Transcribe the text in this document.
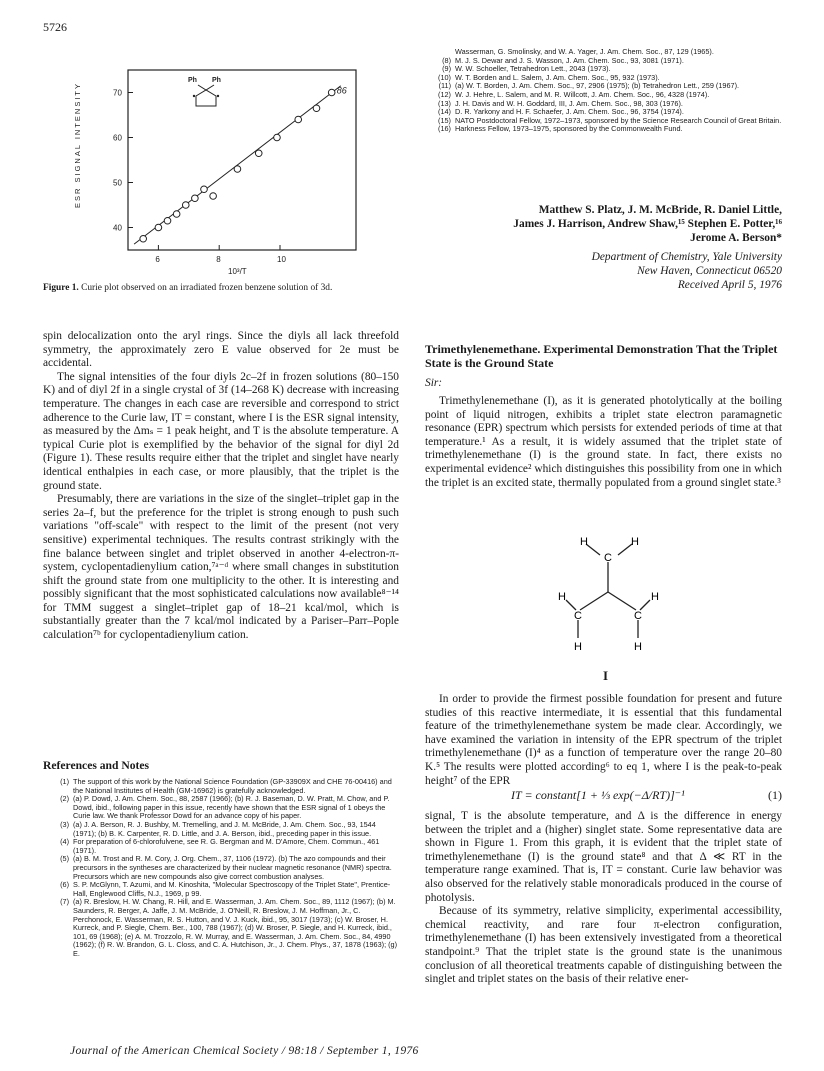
5726
40
50
60
70
6	8	10
ESR SIGNAL INTENSITY
10³/T
86
Ph Ph
Figure 1. Curie plot observed on an irradiated frozen benzene solution of 3d.

spin delocalization onto the aryl rings. Since the diyls all lack threefold symmetry, the approximately zero E value observed for 2e must be accidental.

The signal intensities of the four diyls 2c–2f in frozen solutions (80–150 K) and of diyl 2f in a single crystal of 3f (14–268 K) decrease with increasing temperature. The changes in each case are reversible and correspond to strict adherence to the Curie law, IT = constant, where I is the ESR signal intensity, as measured by the Δmₛ = 1 peak height, and T is the absolute temperature. A typical Curie plot is exemplified by the behavior of the signal for diyl 2d (Figure 1). These results require either that the triplet and singlet have nearly identical enthalpies in each case, or more plausibly, that the triplet is the ground state.

Presumably, there are variations in the size of the singlet–triplet gap in the series 2a–f, but the preference for the triplet is strong enough to push such variations "off-scale" with respect to the limit of the present (not very sensitive) experimental techniques. The results contrast strikingly with the fine balance between singlet and triplet observed in another 4-electron-π-system, cyclopentadienylium cation,⁷ᵃ⁻ᵈ where small changes in substitution shift the ground state from one multiplicity to the other. It is interesting and possibly significant that the most sophisticated calculations now available⁸⁻¹⁴ for TMM suggest a singlet–triplet gap of 18–21 kcal/mol, which is substantially greater than the 7 kcal/mol indicated by a Pariser–Parr–Pople calculation⁷ᵇ for cyclopentadienylium cation.

References and Notes
(1) The support of this work by the National Science Foundation (GP-33909X and CHE 76-00416) and the National Institutes of Health (GM-16962) is gratefully acknowledged.
(2) (a) P. Dowd, J. Am. Chem. Soc., 88, 2587 (1966); (b) R. J. Baseman, D. W. Pratt, M. Chow, and P. Dowd, ibid., following paper in this issue, recently have shown that the ESR signal of 1 obeys the Curie law. We thank Professor Dowd for an advance copy of his paper.
(3) (a) J. A. Berson, R. J. Bushby, M. Tremelling, and J. M. McBride, J. Am. Chem. Soc., 93, 1544 (1971); (b) B. K. Carpenter, R. D. Little, and J. A. Berson, ibid., preceding paper in this issue.
(4) For preparation of 6-chlorofulvene, see R. G. Bergman and M. D'Amore, Chem. Commun., 461 (1971).
(5) (a) B. M. Trost and R. M. Cory, J. Org. Chem., 37, 1106 (1972). (b) The azo compounds and their precursors in the syntheses are characterized by their nuclear magnetic resonance (NMR) spectra. Precursors which are new compounds also give correct combustion analyses.
(6) S. P. McGlynn, T. Azumi, and M. Kinoshita, "Molecular Spectroscopy of the Triplet State", Prentice-Hall, Englewood Cliffs, N.J., 1969, p 99.
(7) (a) R. Breslow, H. W. Chang, R. Hill, and E. Wasserman, J. Am. Chem. Soc., 89, 1112 (1967); (b) M. Saunders, R. Berger, A. Jaffe, J. M. McBride, J. O'Neill, R. Breslow, J. M. Hoffman, Jr., C. Perchonock, E. Wasserman, R. S. Hutton, and V. J. Kuck, ibid., 95, 3017 (1973); (c) W. Broser, H. Kurreck, and P. Siegle, Chem. Ber., 100, 788 (1967); (d) W. Broser, P. Siegle, and H. Kurreck, ibid., 101, 69 (1968); (e) A. M. Trozzolo, R. W. Murray, and E. Wasserman, J. Am. Chem. Soc., 84, 4990 (1962); (f) R. W. Brandon, G. L. Closs, and C. A. Hutchison, Jr., J. Chem. Phys., 37, 1878 (1963); (g) E.
Wasserman, G. Smolinsky, and W. A. Yager, J. Am. Chem. Soc., 87, 129 (1965).
(8) M. J. S. Dewar and J. S. Wasson, J. Am. Chem. Soc., 93, 3081 (1971).
(9) W. W. Schoeller, Tetrahedron Lett., 2043 (1973).
(10) W. T. Borden and L. Salem, J. Am. Chem. Soc., 95, 932 (1973).
(11) (a) W. T. Borden, J. Am. Chem. Soc., 97, 2906 (1975); (b) Tetrahedron Lett., 259 (1967).
(12) W. J. Hehre, L. Salem, and M. R. Willcott, J. Am. Chem. Soc., 96, 4328 (1974).
(13) J. H. Davis and W. H. Goddard, III, J. Am. Chem. Soc., 98, 303 (1976).
(14) D. R. Yarkony and H. F. Schaefer, J. Am. Chem. Soc., 96, 3754 (1974).
(15) NATO Postdoctoral Fellow, 1972–1973, sponsored by the Science Research Council of Great Britain.
(16) Harkness Fellow, 1973–1975, sponsored by the Commonwealth Fund.
Matthew S. Platz, J. M. McBride, R. Daniel Little,
James J. Harrison, Andrew Shaw,¹⁵ Stephen E. Potter,¹⁶
Jerome A. Berson*
Department of Chemistry, Yale University
New Haven, Connecticut 06520
Received April 5, 1976
Trimethylenemethane. Experimental Demonstration That the Triplet State is the Ground State
Sir:

Trimethylenemethane (I), as it is generated photolytically at the boiling point of liquid nitrogen, exhibits a triplet state electron paramagnetic resonance (EPR) spectrum which persists for extended periods of time at that temperature.¹ As a result, it is widely assumed that the triplet state of trimethylenemethane (I) is the ground state. In fact, there exists no experimental evidence² which distinguishes this possibility from one in which the triplet is an excited state, thermally populated from a ground singlet state.³

H
C
H
H
C	C
H
H	H
I

In order to provide the firmest possible foundation for present and future studies of this reactive intermediate, it is essential that this fundamental feature of the trimethylenemethane system be made clear. Accordingly, we have examined the variation in intensity of the EPR spectrum of the triplet trimethylenemethane (I)⁴ as a function of temperature over the range 20–80 K.⁵ The results were plotted according⁶ to eq 1, where I is the peak-to-peak height⁷ of the EPR

IT = constant[1 + ⅓ exp(−Δ/RT)]⁻¹	(1)

signal, T is the absolute temperature, and Δ is the difference in energy between the triplet and a (higher) singlet state. Some representative data are shown in Figure 1. From this graph, it is evident that the triplet state of trimethylenemethane (I) is the ground state⁸ and that Δ ≪ RT in the temperature range examined. That is, IT = constant. Curie law behavior was also observed for the relatively stable monoradicals produced in the course of photolysis.

Because of its symmetry, relative simplicity, experimental accessibility, chemical reactivity, and rare four π-electron configuration, trimethylenemethane (I) has been extensively investigated from a theoretical standpoint.⁹ That the triplet state is the ground state is the unanimous conclusion of all theoretical treatments capable of distinguishing between the singlet and triplet states on the basis of their relative ener-

Journal of the American Chemical Society / 98:18 / September 1, 1976
